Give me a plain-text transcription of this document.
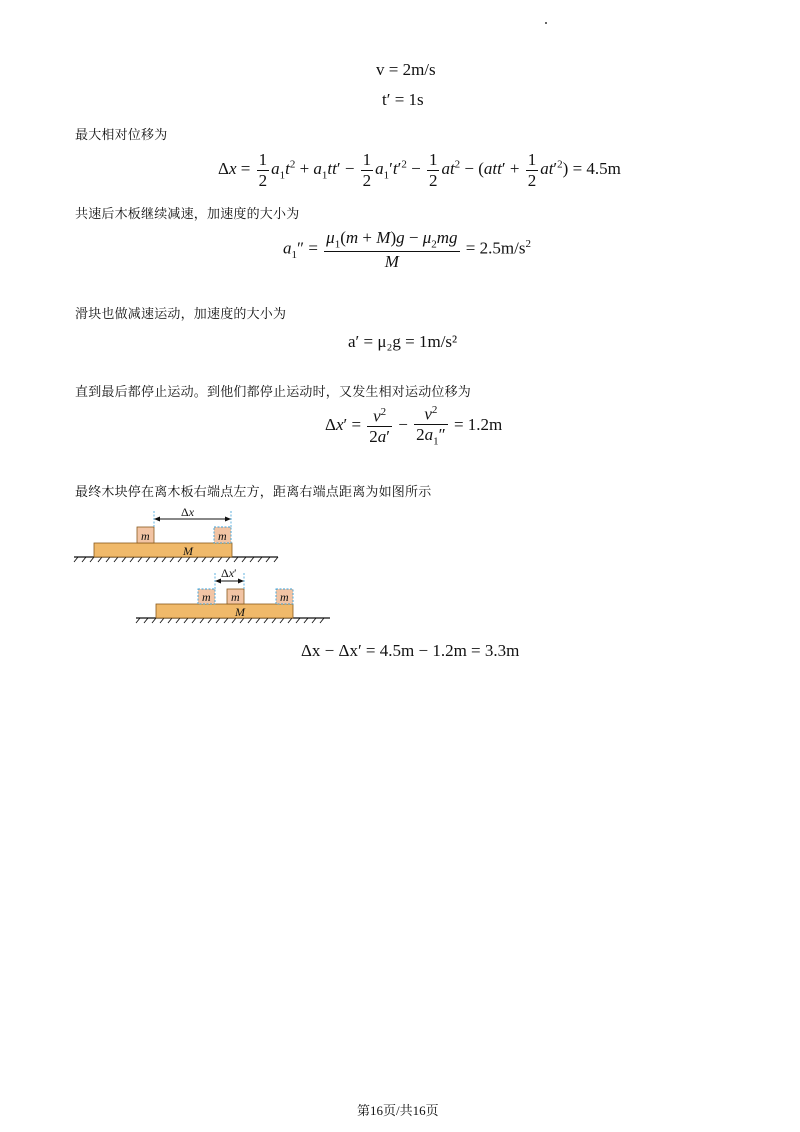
v = 2m/s
t′ = 1s
最大相对位移为
$\Delta x = \frac{1}{2} a_1t^2 + a_1tt' - \frac{1}{2} a_1't'^2 - \frac{1}{2} at^2 - (att' + \frac{1}{2} at'^2) = 4.5m$
共速后木板继续减速，加速度的大小为
$a_1'' = \frac{\mu_1(m + M)g - \mu_2mg}{M} = 2.5m/s^2$
滑块也做减速运动，加速度的大小为
a′ = μ₂g = 1m/s²
直到最后都停止运动。到他们都停止运动时，又发生相对运动位移为
$\Delta x' = \frac{v^2}{2a'} - \frac{v^2}{2a_1''} = 1.2m$
最终木块停在离木板右端点左方，距离右端点距离为如图所示
M
m	m
Δx
M
m m	m
Δx′
Δx − Δx′ = 4.5m − 1.2m = 3.3m
第16页/共16页
